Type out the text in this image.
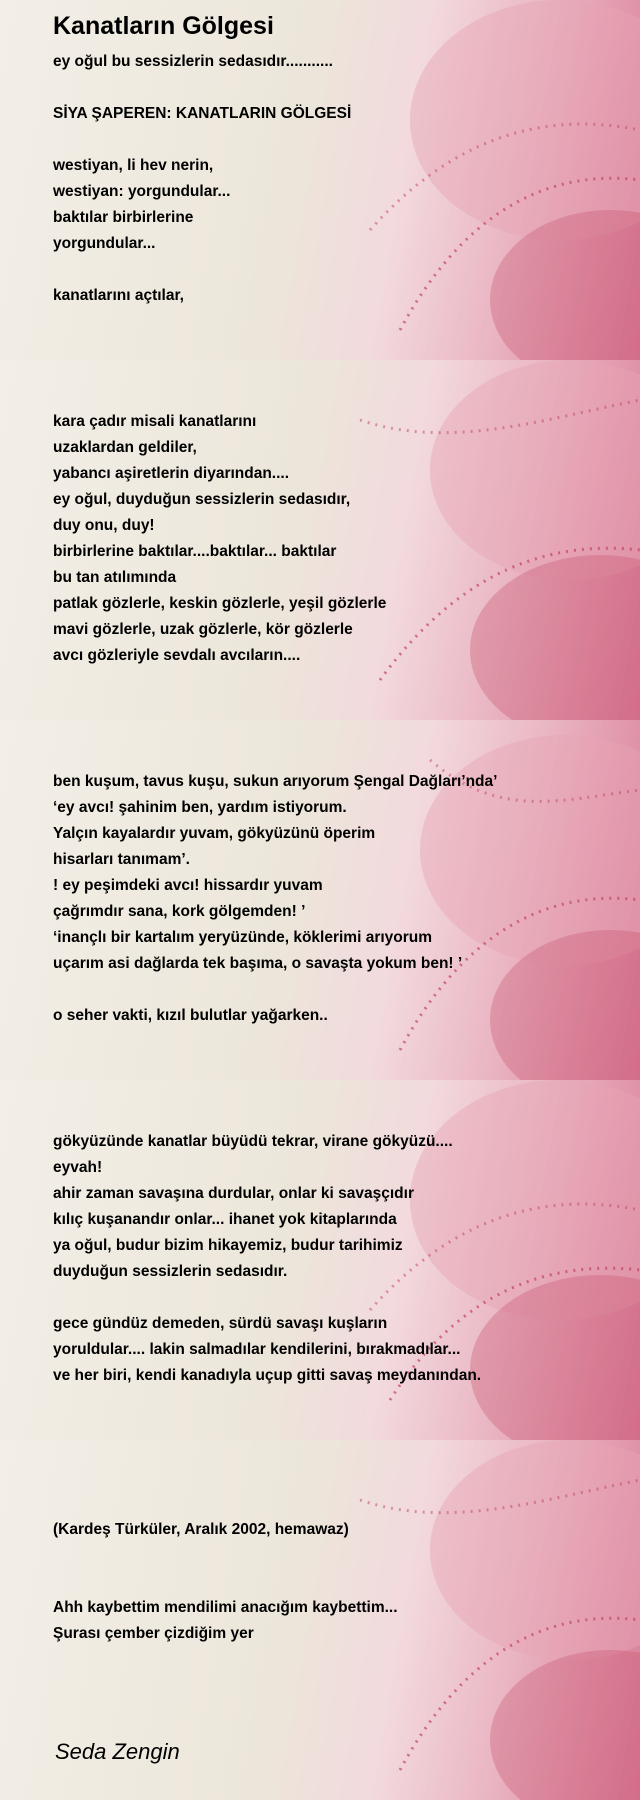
Kanatların Gölgesi
ey oğul bu sessizlerin sedasıdır...........

SİYA ŞAPEREN: KANATLARIN GÖLGESİ

westiyan, li hev nerin,
westiyan: yorgundular...
baktılar birbirlerine
yorgundular...

kanatlarını açtılar,
kara çadır misali kanatlarını
uzaklardan geldiler,
yabancı aşiretlerin diyarından....
ey oğul, duyduğun sessizlerin sedasıdır,
duy onu, duy!
birbirlerine baktılar....baktılar... baktılar
bu tan atılımında
patlak gözlerle, keskin gözlerle, yeşil gözlerle
mavi gözlerle, uzak gözlerle, kör gözlerle
avcı gözleriyle sevdalı avcıların....
ben kuşum, tavus kuşu, sukun arıyorum Şengal Dağları’nda’
‘ey avcı! şahinim ben, yardım istiyorum.
Yalçın kayalardır yuvam, gökyüzünü öperim
hisarları tanımam’.
! ey peşimdeki avcı! hissardır yuvam
çağrımdır sana, kork gölgemden! ’
‘inançlı bir kartalım yeryüzünde, köklerimi arıyorum
uçarım asi dağlarda tek başıma, o savaşta yokum ben! ’

o seher vakti, kızıl bulutlar yağarken..
gökyüzünde kanatlar büyüdü tekrar, virane gökyüzü....
eyvah!
ahir zaman savaşına durdular, onlar ki savaşçıdır
kılıç kuşanandır onlar... ihanet yok kitaplarında
ya oğul, budur bizim hikayemiz, budur tarihimiz
duyduğun sessizlerin sedasıdır.

gece gündüz demeden, sürdü savaşı kuşların
yoruldular.... lakin salmadılar kendilerini, bırakmadılar...
ve her biri, kendi kanadıyla uçup gitti savaş meydanından.
(Kardeş Türküler, Aralık 2002, hemawaz)

Ahh kaybettim mendilimi anacığım kaybettim...
Şurası çember çizdiğim yer
Seda Zengin
